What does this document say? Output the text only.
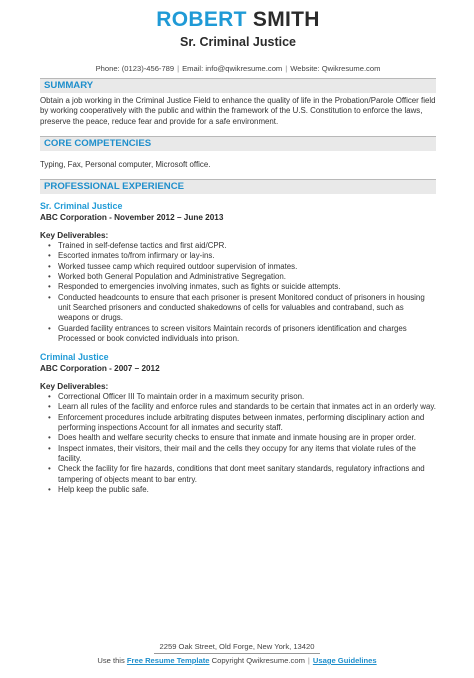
ROBERT SMITH
Sr. Criminal Justice
Phone: (0123)-456-789 | Email: info@qwikresume.com | Website: Qwikresume.com
SUMMARY

Obtain a job working in the Criminal Justice Field to enhance the quality of life in the Probation/Parole Officer field by working cooperatively with the public and within the framework of the U.S. Constitution to enforce the laws, preserve the peace, reduce fear and provide for a safe environment.

CORE COMPETENCIES

Typing, Fax, Personal computer, Microsoft office.

PROFESSIONAL EXPERIENCE
Sr. Criminal Justice
ABC Corporation - November 2012 – June 2013
Key Deliverables:
• Trained in self-defense tactics and first aid/CPR.
• Escorted inmates to/from infirmary or lay-ins.
• Worked tussee camp which required outdoor supervision of inmates.
• Worked both General Population and Administrative Segregation.
• Responded to emergencies involving inmates, such as fights or suicide attempts.
• Conducted headcounts to ensure that each prisoner is present Monitored conduct of prisoners in housing unit Searched prisoners and conducted shakedowns of cells for valuables and contraband, such as weapons or drugs.
• Guarded facility entrances to screen visitors Maintain records of prisoners identification and charges Processed or book convicted individuals into prison.
Criminal Justice
ABC Corporation - 2007 – 2012
Key Deliverables:
• Correctional Officer III To maintain order in a maximum security prison.
• Learn all rules of the facility and enforce rules and standards to be certain that inmates act in an orderly way.
• Enforcement procedures include arbitrating disputes between inmates, performing disciplinary action and performing inspections Account for all inmates and security staff.
• Does health and welfare security checks to ensure that inmate and inmate housing are in proper order.
• Inspect inmates, their visitors, their mail and the cells they occupy for any items that violate rules of the facility.
• Check the facility for fire hazards, conditions that dont meet sanitary standards, regulatory infractions and tampering of objects meant to bar entry.
• Help keep the public safe.
2259 Oak Street, Old Forge, New York, 13420
Use this Free Resume Template Copyright Qwikresume.com | Usage Guidelines
